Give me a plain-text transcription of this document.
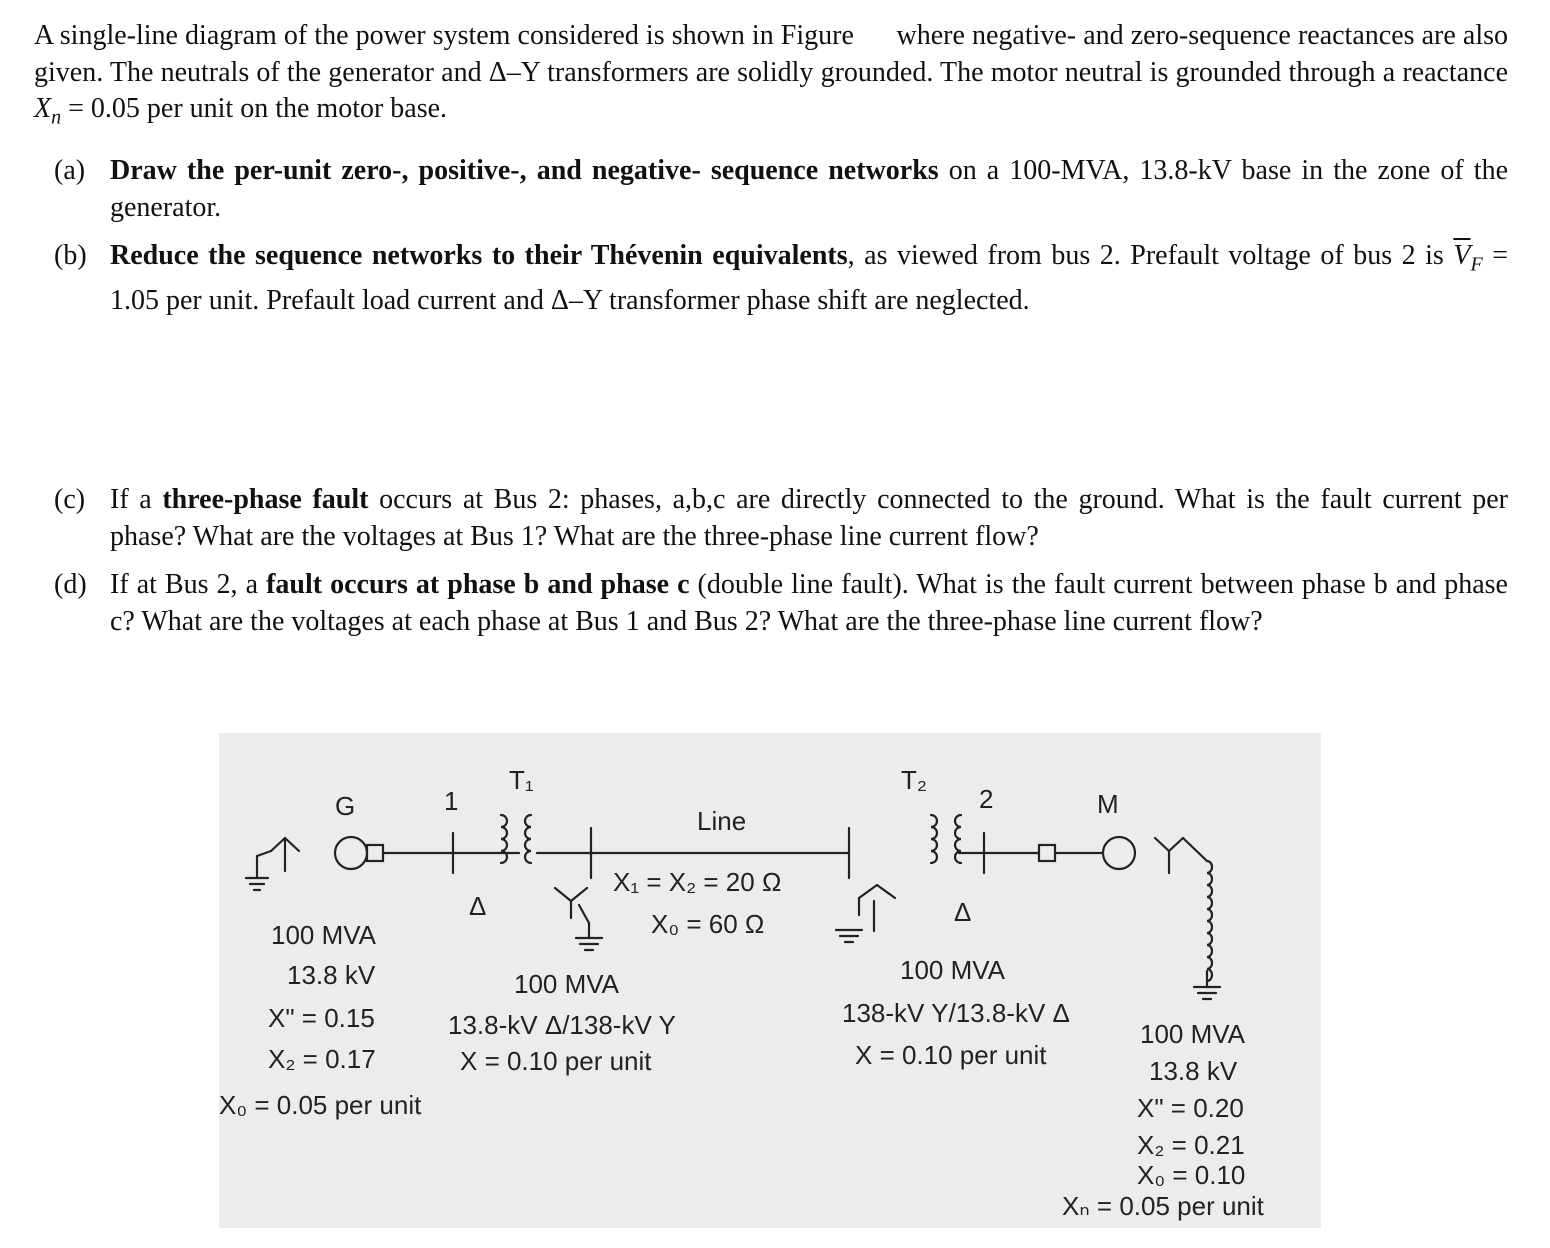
A single-line diagram of the power system considered is shown in Figure where negative- and zero-sequence reactances are also given. The neutrals of the generator and Δ–Y transformers are solidly grounded. The motor neutral is grounded through a reactance $X_n = 0.05$ per unit on the motor base.
(a) Draw the per-unit zero-, positive-, and negative- sequence networks on a 100-MVA, 13.8-kV base in the zone of the generator.
(b) Reduce the sequence networks to their Thévenin equivalents, as viewed from bus 2. Prefault voltage of bus 2 is $\overline{V}_F = 1.05$ per unit. Prefault load current and Δ–Y transformer phase shift are neglected.
(c) If a three-phase fault occurs at Bus 2: phases, a,b,c are directly connected to the ground. What is the fault current per phase? What are the voltages at Bus 1? What are the three-phase line current flow?
(d) If at Bus 2, a fault occurs at phase b and phase c (double line fault). What is the fault current between phase b and phase c? What are the voltages at each phase at Bus 1 and Bus 2? What are the three-phase line current flow?
G	1
T₁
Line
T₂
2	M
Δ	Δ
X₁ = X₂ = 20 Ω
X₀ = 60 Ω
100 MVA
13.8 kV
X" = 0.15
X₂ = 0.17
X₀ = 0.05 per unit
100 MVA
13.8-kV Δ/138-kV Y
X = 0.10 per unit
100 MVA
138-kV Y/13.8-kV Δ
X = 0.10 per unit
100 MVA
13.8 kV
X" = 0.20
X₂ = 0.21
X₀ = 0.10
Xₙ = 0.05 per unit
